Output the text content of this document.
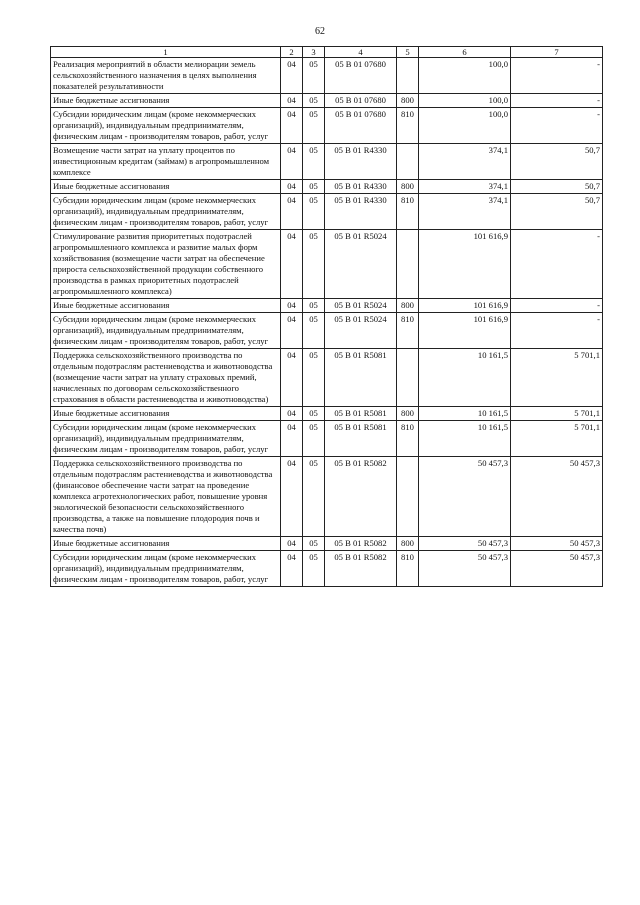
62
1	2	3	4	5	6	7
Реализация мероприятий в области мелиорации земель сельскохозяйственного назначения в целях выполнения показателей результативности	04	05	05 В 01 07680		100,0	-
Иные бюджетные ассигнования	04	05	05 В 01 07680	800	100,0	-
Субсидии юридическим лицам (кроме некоммерческих организаций), индивидуальным предпринимателям, физическим лицам - производителям товаров, работ, услуг	04	05	05 В 01 07680	810	100,0	-
Возмещение части затрат на уплату процентов по инвестиционным кредитам (займам) в агропромышленном комплексе	04	05	05 В 01 R4330		374,1	50,7
Иные бюджетные ассигнования	04	05	05 В 01 R4330	800	374,1	50,7
Субсидии юридическим лицам (кроме некоммерческих организаций), индивидуальным предпринимателям, физическим лицам - производителям товаров, работ, услуг	04	05	05 В 01 R4330	810	374,1	50,7
Стимулирование развития приоритетных подотраслей агропромышленного комплекса и развитие малых форм хозяйствования (возмещение части затрат на обеспечение прироста сельскохозяйственной продукции собственного производства в рамках приоритетных подотраслей агропромышленного комплекса)	04	05	05 В 01 R5024		101 616,9	-
Иные бюджетные ассигнования	04	05	05 В 01 R5024	800	101 616,9	-
Субсидии юридическим лицам (кроме некоммерческих организаций), индивидуальным предпринимателям, физическим лицам - производителям товаров, работ, услуг	04	05	05 В 01 R5024	810	101 616,9	-
Поддержка сельскохозяйственного производства по отдельным подотраслям растениеводства и животноводства (возмещение части затрат на уплату страховых премий, начисленных по договорам сельскохозяйственного страхования в области растениеводства и животноводства)	04	05	05 В 01 R5081		10 161,5	5 701,1
Иные бюджетные ассигнования	04	05	05 В 01 R5081	800	10 161,5	5 701,1
Субсидии юридическим лицам (кроме некоммерческих организаций), индивидуальным предпринимателям, физическим лицам - производителям товаров, работ, услуг	04	05	05 В 01 R5081	810	10 161,5	5 701,1
Поддержка сельскохозяйственного производства по отдельным подотраслям растениеводства и животноводства (финансовое обеспечение части затрат на проведение комплекса агротехнологических работ, повышение уровня экологической безопасности сельскохозяйственного производства, а также на повышение плодородия почв и качества почв)	04	05	05 В 01 R5082		50 457,3	50 457,3
Иные бюджетные ассигнования	04	05	05 В 01 R5082	800	50 457,3	50 457,3
Субсидии юридическим лицам (кроме некоммерческих организаций), индивидуальным предпринимателям, физическим лицам - производителям товаров, работ, услуг	04	05	05 В 01 R5082	810	50 457,3	50 457,3
